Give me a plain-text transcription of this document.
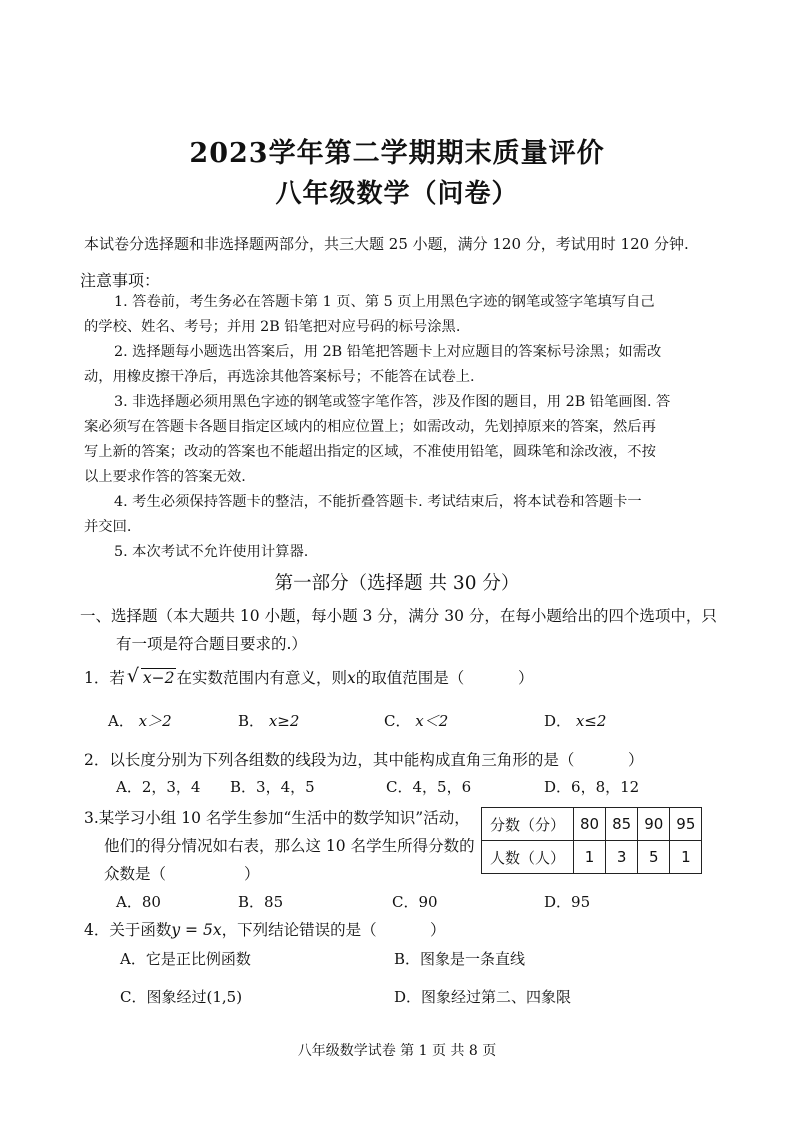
2023学年第二学期期末质量评价
八年级数学（问卷）
本试卷分选择题和非选择题两部分，共三大题 25 小题，满分 120 分，考试用时 120 分钟.
注意事项：
1. 答卷前，考生务必在答题卡第 1 页、第 5 页上用黑色字迹的钢笔或签字笔填写自己
的学校、姓名、考号；并用 2B 铅笔把对应号码的标号涂黑.
2. 选择题每小题选出答案后，用 2B 铅笔把答题卡上对应题目的答案标号涂黑；如需改
动，用橡皮擦干净后，再选涂其他答案标号；不能答在试卷上.
3. 非选择题必须用黑色字迹的钢笔或签字笔作答，涉及作图的题目，用 2B 铅笔画图. 答
案必须写在答题卡各题目指定区域内的相应位置上；如需改动，先划掉原来的答案，然后再
写上新的答案；改动的答案也不能超出指定的区域，不准使用铅笔，圆珠笔和涂改液，不按
以上要求作答的答案无效.
4. 考生必须保持答题卡的整洁，不能折叠答题卡. 考试结束后，将本试卷和答题卡一
并交回.
5. 本次考试不允许使用计算器.
第一部分（选择题 共 30 分）
一、选择题（本大题共 10 小题，每小题 3 分，满分 30 分，在每小题给出的四个选项中，只
有一项是符合题目要求的.）
1．若 √ x−2 在实数范围内有意义，则x的取值范围是（	）
A． x＞2	B． x≥2	C． x＜2	D． x≤2
2．以长度分别为下列各组数的线段为边，其中能构成直角三角形的是（	）
A．2，3，4 B．3，4，5	C．4，5，6	D．6，8，12
3.某学习小组 10 名学生参加“生活中的数学知识”活动，
他们的得分情况如右表，那么这 10 名学生所得分数的
众数是（	）
分数（分）	80	85	90	95
人数（人）	1	3	5	1
A．80	B．85	C．90	D．95
4．关于函数y = 5x，下列结论错误的是（	）
A．它是正比例函数	B．图象是一条直线
C．图象经过(1,5)	D．图象经过第二、四象限
八年级数学试卷 第 1 页 共 8 页
